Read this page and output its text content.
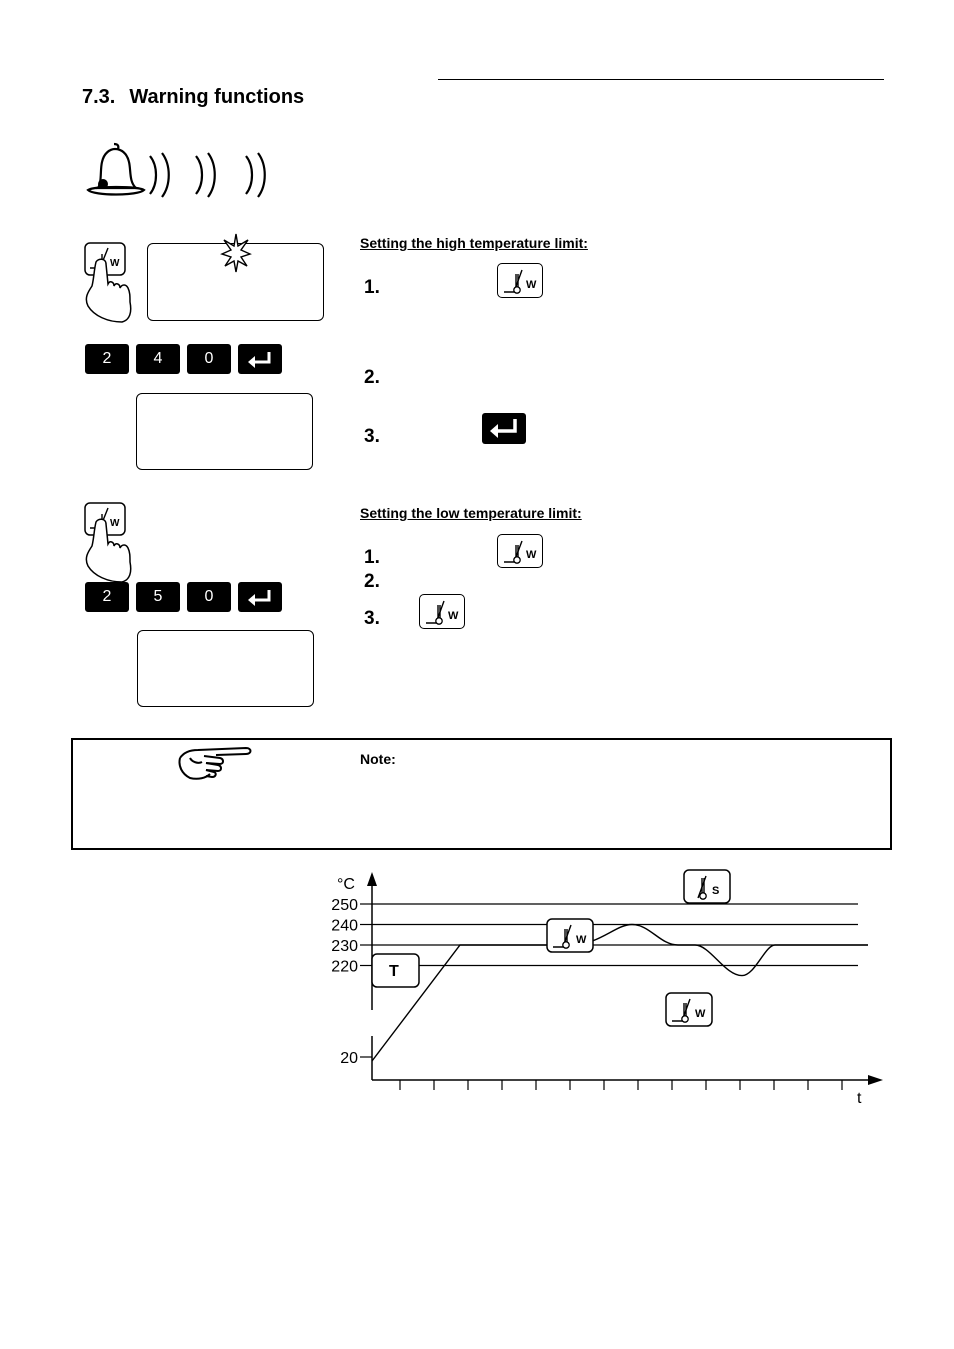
7.3. Warning functions
W
2	4	0
Setting the high temperature limit:
1.	W
2.
3.
W
2	5	0
Setting the low temperature limit:
1.	W
2.
3.	W
Note:
°C
t
250
240
230
220
20
S
W
W
T
